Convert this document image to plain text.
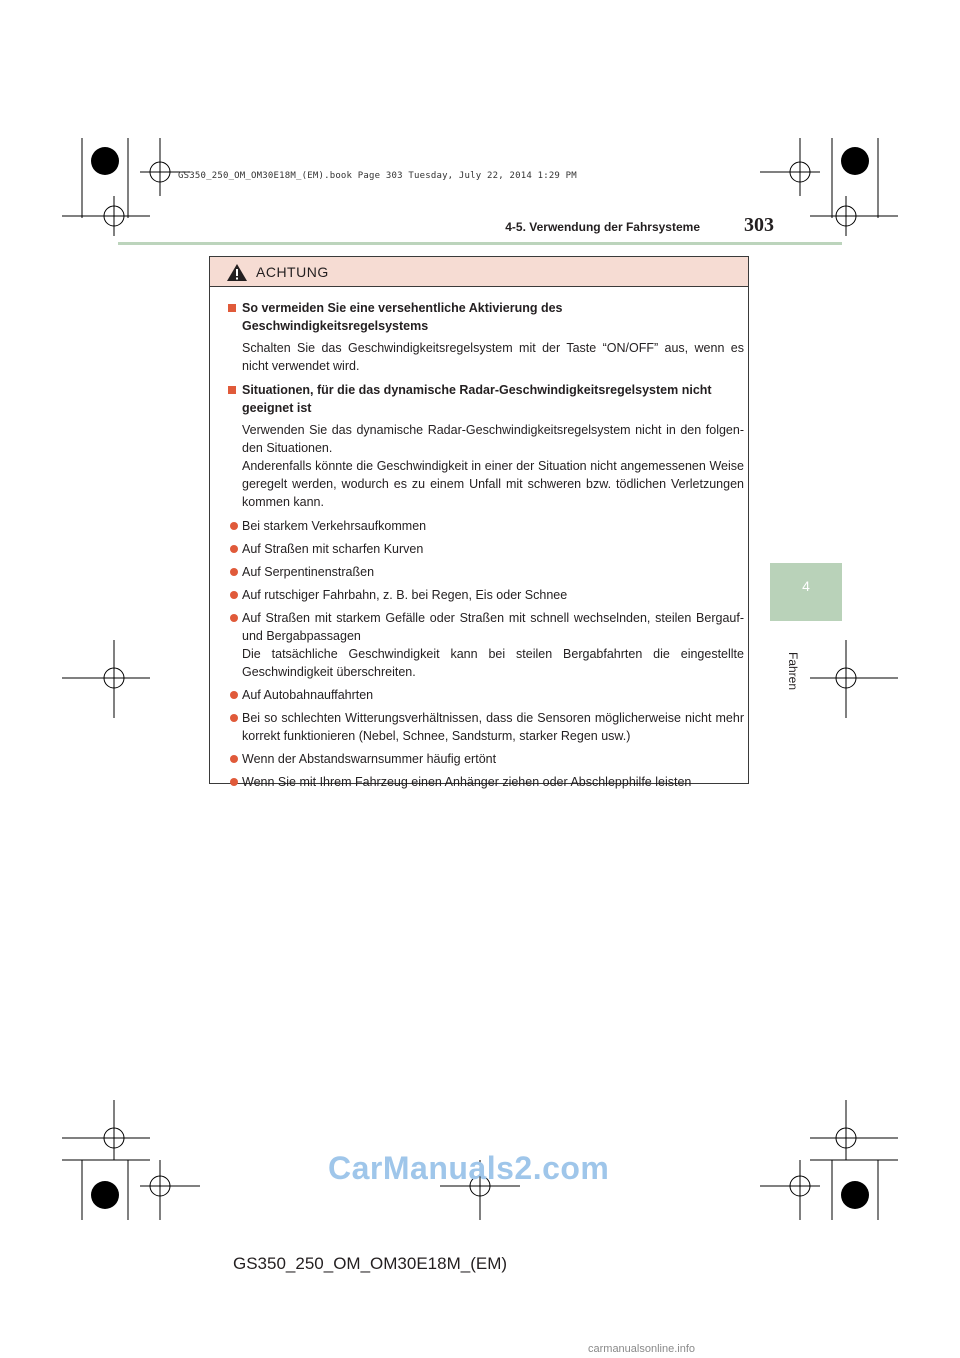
GS350_250_OM_OM30E18M_(EM).book Page 303 Tuesday, July 22, 2014 1:29 PM
4-5. Verwendung der Fahrsysteme	303
4
Fahren
ACHTUNG
So vermeiden Sie eine versehentliche Aktivierung des Geschwindigkeitsregelsystems
Schalten Sie das Geschwindigkeitsregelsystem mit der Taste “ON/OFF” aus, wenn es nicht verwendet wird.
Situationen, für die das dynamische Radar-Geschwindigkeitsregelsystem nicht geeignet ist
Verwenden Sie das dynamische Radar-Geschwindigkeitsregelsystem nicht in den folgen-den Situationen.
Anderenfalls könnte die Geschwindigkeit in einer der Situation nicht angemessenen Weise geregelt werden, wodurch es zu einem Unfall mit schweren bzw. tödlichen Verletzungen kommen kann.
Bei starkem Verkehrsaufkommen
Auf Straßen mit scharfen Kurven
Auf Serpentinenstraßen
Auf rutschiger Fahrbahn, z. B. bei Regen, Eis oder Schnee
Auf Straßen mit starkem Gefälle oder Straßen mit schnell wechselnden, steilen Bergauf- und Bergabpassagen
Die tatsächliche Geschwindigkeit kann bei steilen Bergabfahrten die eingestellte Geschwindigkeit überschreiten.
Auf Autobahnauffahrten
Bei so schlechten Witterungsverhältnissen, dass die Sensoren möglicherweise nicht mehr korrekt funktionieren (Nebel, Schnee, Sandsturm, starker Regen usw.)
Wenn der Abstandswarnsummer häufig ertönt
Wenn Sie mit Ihrem Fahrzeug einen Anhänger ziehen oder Abschlepphilfe leisten
CarManuals2.com
GS350_250_OM_OM30E18M_(EM)
carmanualsonline.info
